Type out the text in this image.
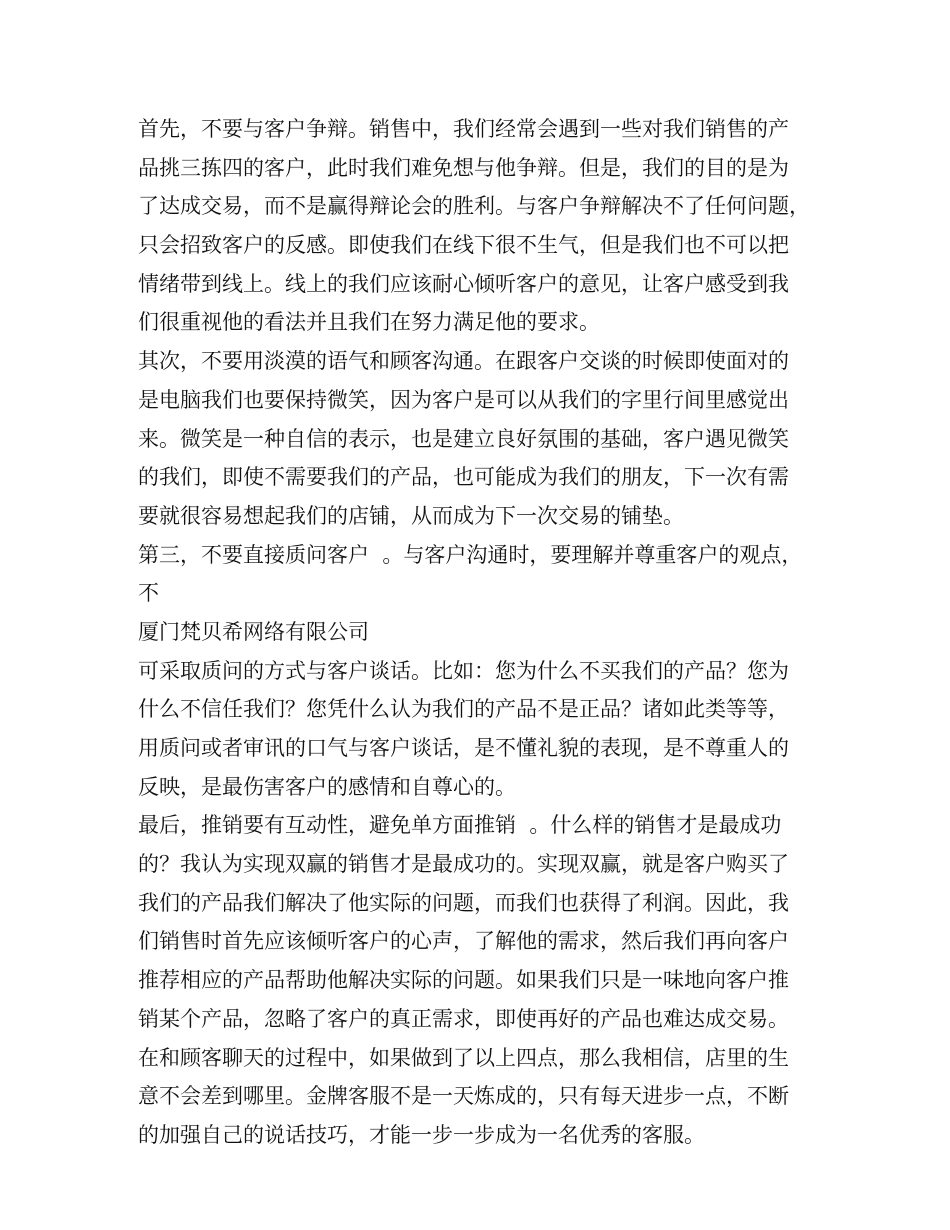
首先，不要与客户争辩。销售中，我们经常会遇到一些对我们销售的产
品挑三拣四的客户，此时我们难免想与他争辩。但是，我们的目的是为
了达成交易，而不是赢得辩论会的胜利。与客户争辩解决不了任何问题，
只会招致客户的反感。即使我们在线下很不生气，但是我们也不可以把
情绪带到线上。线上的我们应该耐心倾听客户的意见，让客户感受到我
们很重视他的看法并且我们在努力满足他的要求。
其次，不要用淡漠的语气和顾客沟通。在跟客户交谈的时候即使面对的
是电脑我们也要保持微笑，因为客户是可以从我们的字里行间里感觉出
来。微笑是一种自信的表示，也是建立良好氛围的基础，客户遇见微笑
的我们，即使不需要我们的产品，也可能成为我们的朋友，下一次有需
要就很容易想起我们的店铺，从而成为下一次交易的铺垫。
第三，不要直接质问客户  。与客户沟通时，要理解并尊重客户的观点，
不
厦门梵贝希网络有限公司
可采取质问的方式与客户谈话。比如：您为什么不买我们的产品？您为
什么不信任我们？您凭什么认为我们的产品不是正品？诸如此类等等，
用质问或者审讯的口气与客户谈话，是不懂礼貌的表现，是不尊重人的
反映，是最伤害客户的感情和自尊心的。
最后，推销要有互动性，避免单方面推销  。什么样的销售才是最成功
的？我认为实现双赢的销售才是最成功的。实现双赢，就是客户购买了
我们的产品我们解决了他实际的问题，而我们也获得了利润。因此，我
们销售时首先应该倾听客户的心声，了解他的需求，然后我们再向客户
推荐相应的产品帮助他解决实际的问题。如果我们只是一味地向客户推
销某个产品，忽略了客户的真正需求，即使再好的产品也难达成交易。
在和顾客聊天的过程中，如果做到了以上四点，那么我相信，店里的生
意不会差到哪里。金牌客服不是一天炼成的，只有每天进步一点，不断
的加强自己的说话技巧，才能一步一步成为一名优秀的客服。
